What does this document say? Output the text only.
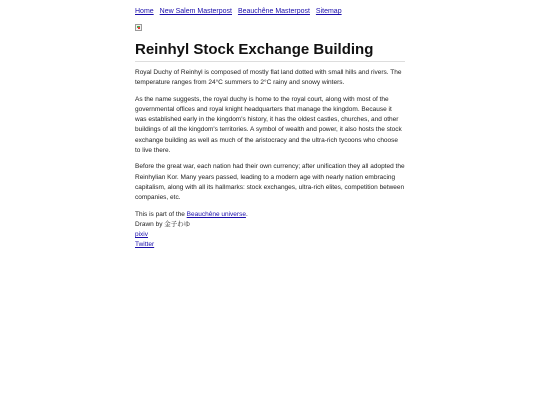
Home New Salem Masterpost Beauchêne Masterpost Sitemap
Reinhyl Stock Exchange Building

Royal Duchy of Reinhyl is composed of mostly flat land dotted with small hills and rivers. The temperature ranges from 24°C summers to 2°C rainy and snowy winters.

As the name suggests, the royal duchy is home to the royal court, along with most of the governmental offices and royal knight headquarters that manage the kingdom. Because it was established early in the kingdom's history, it has the oldest castles, churches, and other buildings of all the kingdom's territories. A symbol of wealth and power, it also hosts the stock exchange building as well as much of the aristocracy and the ultra-rich tycoons who choose to live there.

Before the great war, each nation had their own currency; after unification they all adopted the Reinhylian Kor. Many years passed, leading to a modern age with nearly nation embracing capitalism, along with all its hallmarks: stock exchanges, ultra-rich elites, competition between companies, etc.

This is part of the Beauchêne universe.
Drawn by 金子わゆ
pixiv
Twitter
